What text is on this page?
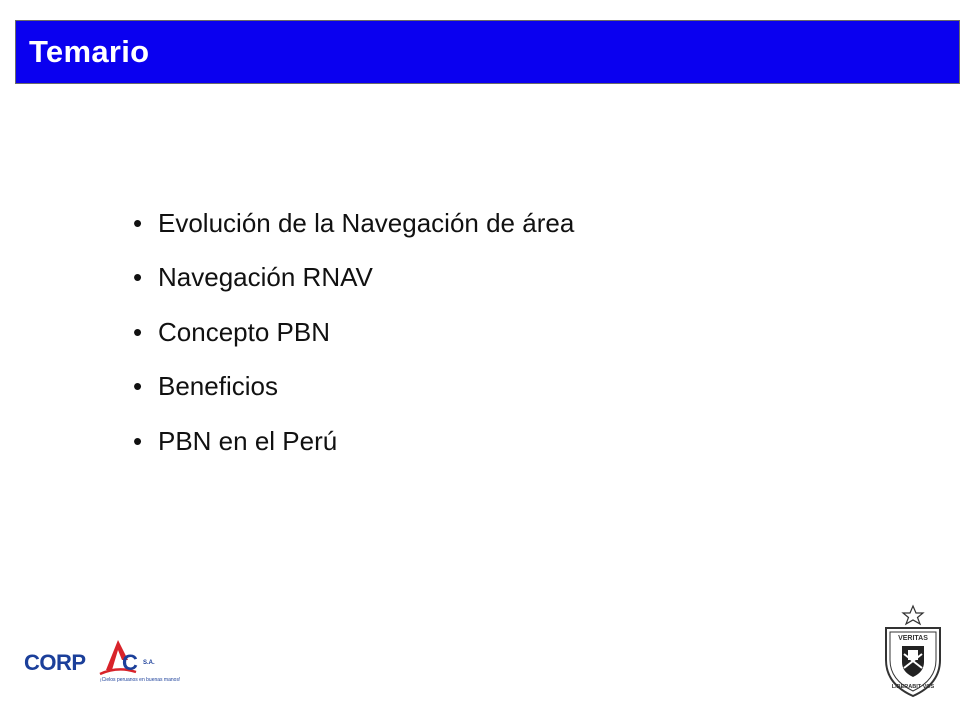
Temario
• Evolución de la Navegación de área
• Navegación RNAV
• Concepto PBN
• Beneficios
• PBN en el Perú
CORP C S.A.
¡Cielos peruanos en buenas manos!
VERITAS
LIBERABIT VOS
